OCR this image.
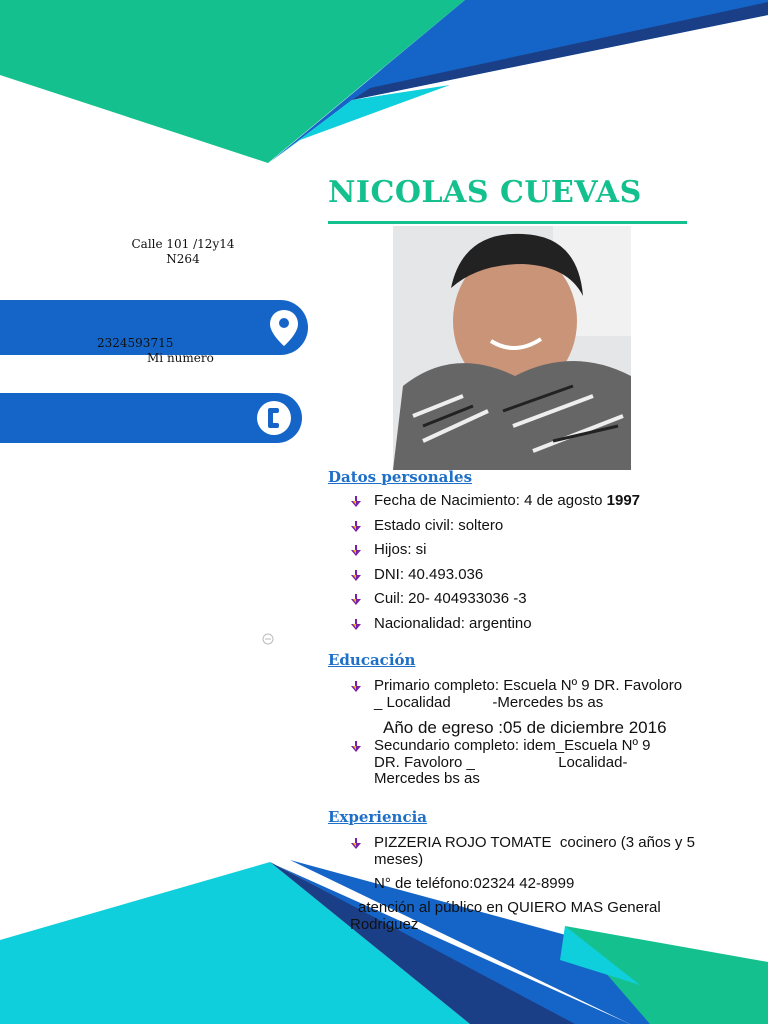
NICOLAS CUEVAS
Calle 101 /12y14
N264
2324593715
Mi numero
Datos personales
Fecha de Nacimiento: 4 de agosto 1997
Estado civil: soltero
Hijos: si
DNI: 40.493.036
Cuil: 20- 404933036 -3
Nacionalidad: argentino
Educación
Primario completo: Escuela Nº 9 DR. Favoloro _ Localidad          -Mercedes bs as
Año de egreso :05 de diciembre 2016
Secundario completo: idem_Escuela Nº 9 DR. Favoloro _                    Localidad- Mercedes bs as
Experiencia
PIZZERIA ROJO TOMATE  cocinero (3 años y 5 meses)
N° de teléfono:02324 42-8999
atención al público en QUIERO MAS General
Rodriguez
